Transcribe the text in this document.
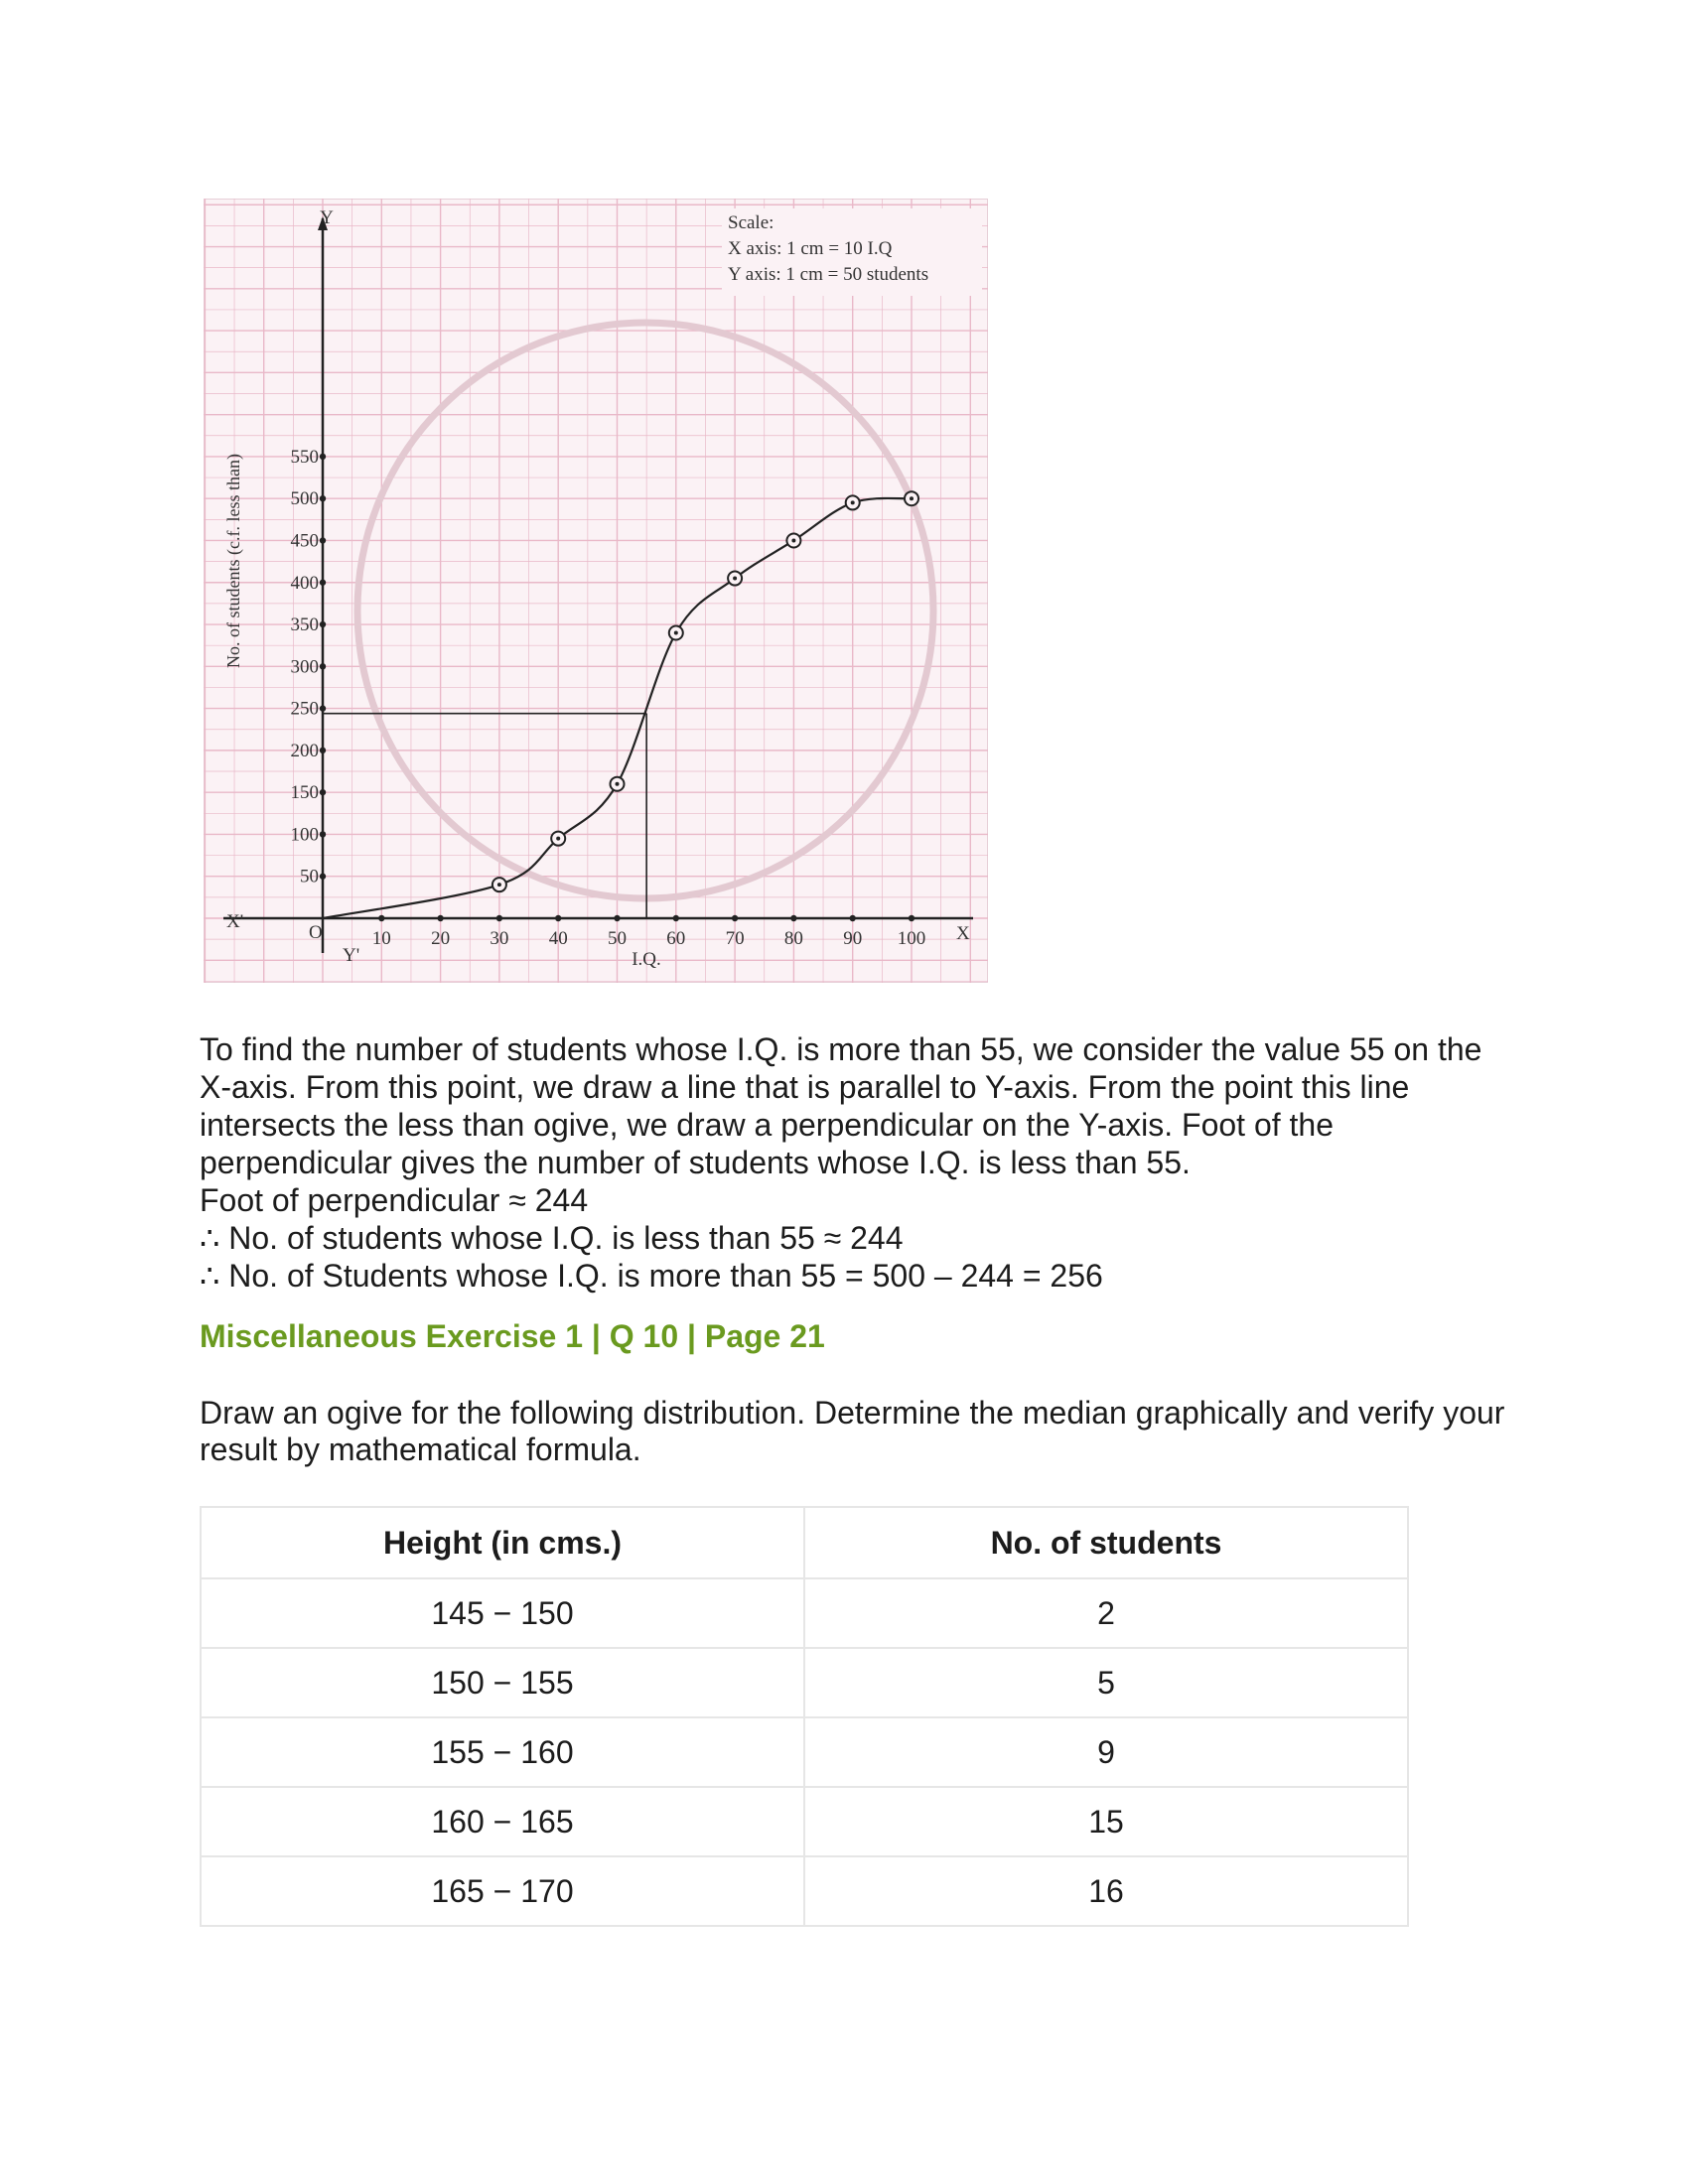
10 20 30 40 50 60 70 80 90 100
50
100
150
200
250
300
350
400
450
500
550
Y
Y'
X
X'
O
I.Q.
No. of students (c.f. less than)
Scale:
X axis: 1 cm = 10 I.Q
Y axis: 1 cm = 50 students

To find the number of students whose I.Q. is more than 55, we consider the value 55 on the X-axis. From this point, we draw a line that is parallel to Y-axis. From the point this line intersects the less than ogive, we draw a perpendicular on the Y-axis. Foot of the perpendicular gives the number of students whose I.Q. is less than 55.

Foot of perpendicular ≈ 244

∴ No. of students whose I.Q. is less than 55 ≈ 244

∴ No. of Students whose I.Q. is more than 55 = 500 – 244 = 256

Miscellaneous Exercise 1 | Q 10 | Page 21
Draw an ogive for the following distribution. Determine the median graphically and verify your result by mathematical formula.
Height (in cms.)	No. of students
145 − 150	2
150 − 155	5
155 − 160	9
160 − 165	15
165 − 170	16
